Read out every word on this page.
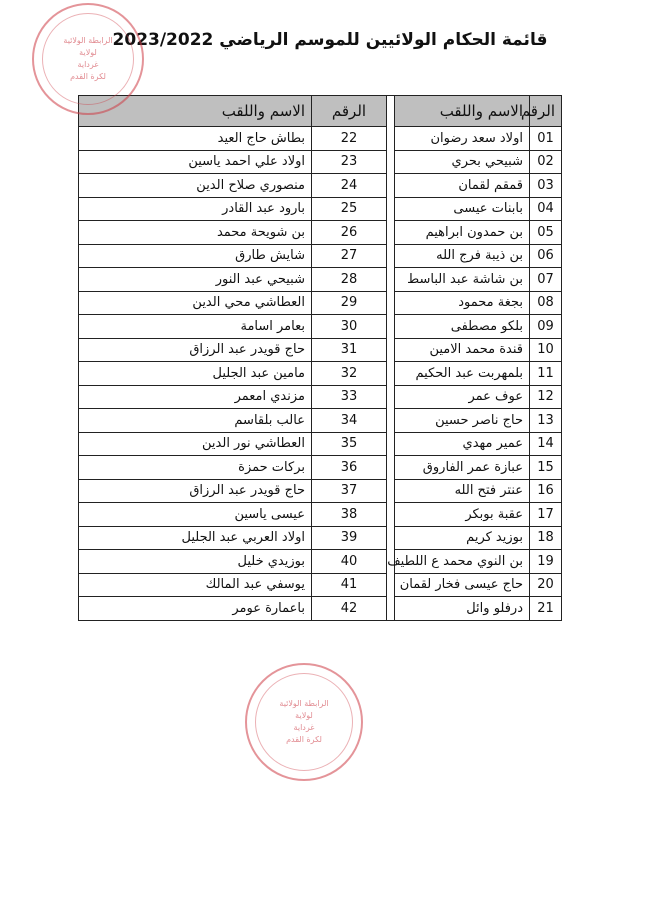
قائمة الحكام الولائيين للموسم الرياضي 2023/2022
الرقم	الاسم واللقب		الرقم	الاسم واللقب
01	اولاد سعد رضوان		22	بطاش حاج العيد
02	شبيحي بحري		23	اولاد علي احمد ياسين
03	قمقم لقمان		24	منصوري صلاح الدين
04	بابنات عيسى		25	بارود عبد القادر
05	بن حمدون ابراهيم		26	بن شويحة محمد
06	بن ذيبة فرج الله		27	شايش طارق
07	بن شاشة عبد الباسط		28	شبيحي عبد النور
08	بجغة محمود		29	العطاشي محي الدين
09	بلكو مصطفى		30	بعامر اسامة
10	قندة محمد الامين		31	حاج قويدر عبد الرزاق
11	بلمهربت عبد الحكيم		32	مامين عبد الجليل
12	عوف عمر		33	مزندي امعمر
13	حاج ناصر حسين		34	عالب بلقاسم
14	عمير مهدي		35	العطاشي نور الدين
15	عبازة عمر الفاروق		36	بركات حمزة
16	عنتر فتح الله		37	حاج قويدر عبد الرزاق
17	عقبة بوبكر		38	عيسى ياسين
18	بوزيد كريم		39	اولاد العربي عبد الجليل
19	بن النوي محمد ع اللطيف		40	بوزيدي خليل
20	حاج عيسى فخار لقمان		41	يوسفي عبد المالك
21	درفلو وائل		42	باعمارة عومر
الرابطة الولائية
لولاية
غرداية
لكرة القدم
الرابطة الولائية
لولاية
غرداية
لكرة القدم
